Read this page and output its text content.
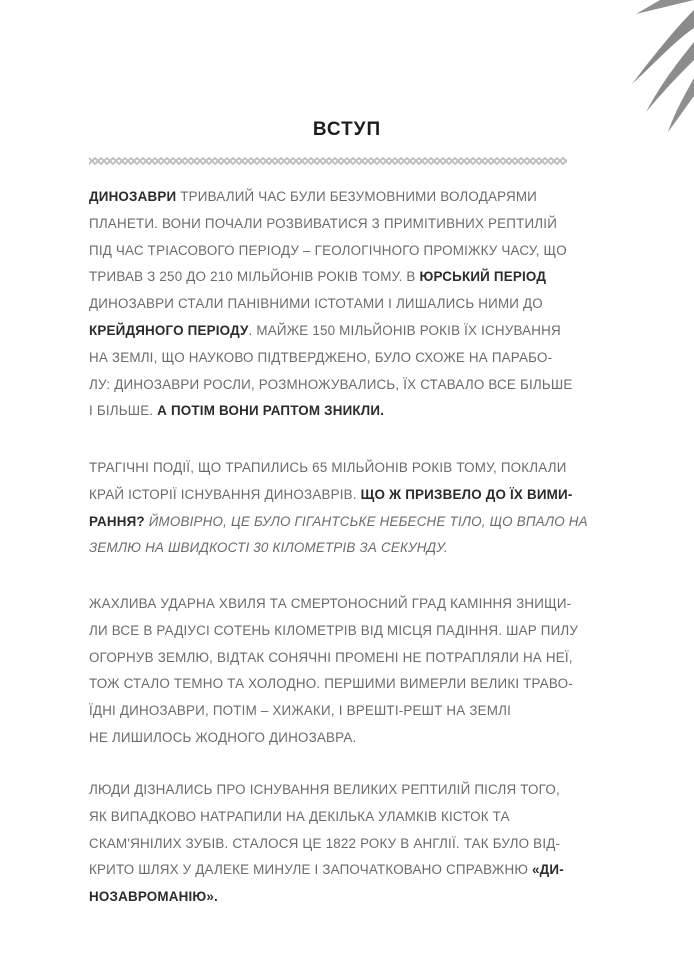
ВСТУП
ДИНОЗАВРИ ТРИВАЛИЙ ЧАС БУЛИ БЕЗУМОВНИМИ ВОЛОДАРЯМИ
ПЛАНЕТИ. ВОНИ ПОЧАЛИ РОЗВИВАТИСЯ З ПРИМІТИВНИХ РЕПТИЛІЙ
ПІД ЧАС ТРІАСОВОГО ПЕРІОДУ – ГЕОЛОГІЧНОГО ПРОМІЖКУ ЧАСУ, ЩО
ТРИВАВ З 250 ДО 210 МІЛЬЙОНІВ РОКІВ ТОМУ. В ЮРСЬКИЙ ПЕРІОД
ДИНОЗАВРИ СТАЛИ ПАНІВНИМИ ІСТОТАМИ І ЛИШАЛИСЬ НИМИ ДО
КРЕЙДЯНОГО ПЕРІОДУ. МАЙЖЕ 150 МІЛЬЙОНІВ РОКІВ ЇХ ІСНУВАННЯ
НА ЗЕМЛІ, ЩО НАУКОВО ПІДТВЕРДЖЕНО, БУЛО СХОЖЕ НА ПАРАБО-
ЛУ: ДИНОЗАВРИ РОСЛИ, РОЗМНОЖУВАЛИСЬ, ЇХ СТАВАЛО ВСЕ БІЛЬШЕ
І БІЛЬШЕ. А ПОТІМ ВОНИ РАПТОМ ЗНИКЛИ.
ТРАГІЧНІ ПОДІЇ, ЩО ТРАПИЛИСЬ 65 МІЛЬЙОНІВ РОКІВ ТОМУ, ПОКЛАЛИ
КРАЙ ІСТОРІЇ ІСНУВАННЯ ДИНОЗАВРІВ. ЩО Ж ПРИЗВЕЛО ДО ЇХ ВИМИ-
РАННЯ? ЙМОВІРНО, ЦЕ БУЛО ГІГАНТСЬКЕ НЕБЕСНЕ ТІЛО, ЩО ВПАЛО НА
ЗЕМЛЮ НА ШВИДКОСТІ 30 КІЛОМЕТРІВ ЗА СЕКУНДУ.
ЖАХЛИВА УДАРНА ХВИЛЯ ТА СМЕРТОНОСНИЙ ГРАД КАМІННЯ ЗНИЩИ-
ЛИ ВСЕ В РАДІУСІ СОТЕНЬ КІЛОМЕТРІВ ВІД МІСЦЯ ПАДІННЯ. ШАР ПИЛУ
ОГОРНУВ ЗЕМЛЮ, ВІДТАК СОНЯЧНІ ПРОМЕНІ НЕ ПОТРАПЛЯЛИ НА НЕЇ,
ТОЖ СТАЛО ТЕМНО ТА ХОЛОДНО. ПЕРШИМИ ВИМЕРЛИ ВЕЛИКІ ТРАВО-
ЇДНІ ДИНОЗАВРИ, ПОТІМ – ХИЖАКИ, І ВРЕШТІ-РЕШТ НА ЗЕМЛІ
НЕ ЛИШИЛОСЬ ЖОДНОГО ДИНОЗАВРА.
ЛЮДИ ДІЗНАЛИСЬ ПРО ІСНУВАННЯ ВЕЛИКИХ РЕПТИЛІЙ ПІСЛЯ ТОГО,
ЯК ВИПАДКОВО НАТРАПИЛИ НА ДЕКІЛЬКА УЛАМКІВ КІСТОК ТА
СКАМ'ЯНІЛИХ ЗУБІВ. СТАЛОСЯ ЦЕ 1822 РОКУ В АНГЛІЇ. ТАК БУЛО ВІД-
КРИТО ШЛЯХ У ДАЛЕКЕ МИНУЛЕ І ЗАПОЧАТКОВАНО СПРАВЖНЮ «ДИ-
НОЗАВРОМАНІЮ».
